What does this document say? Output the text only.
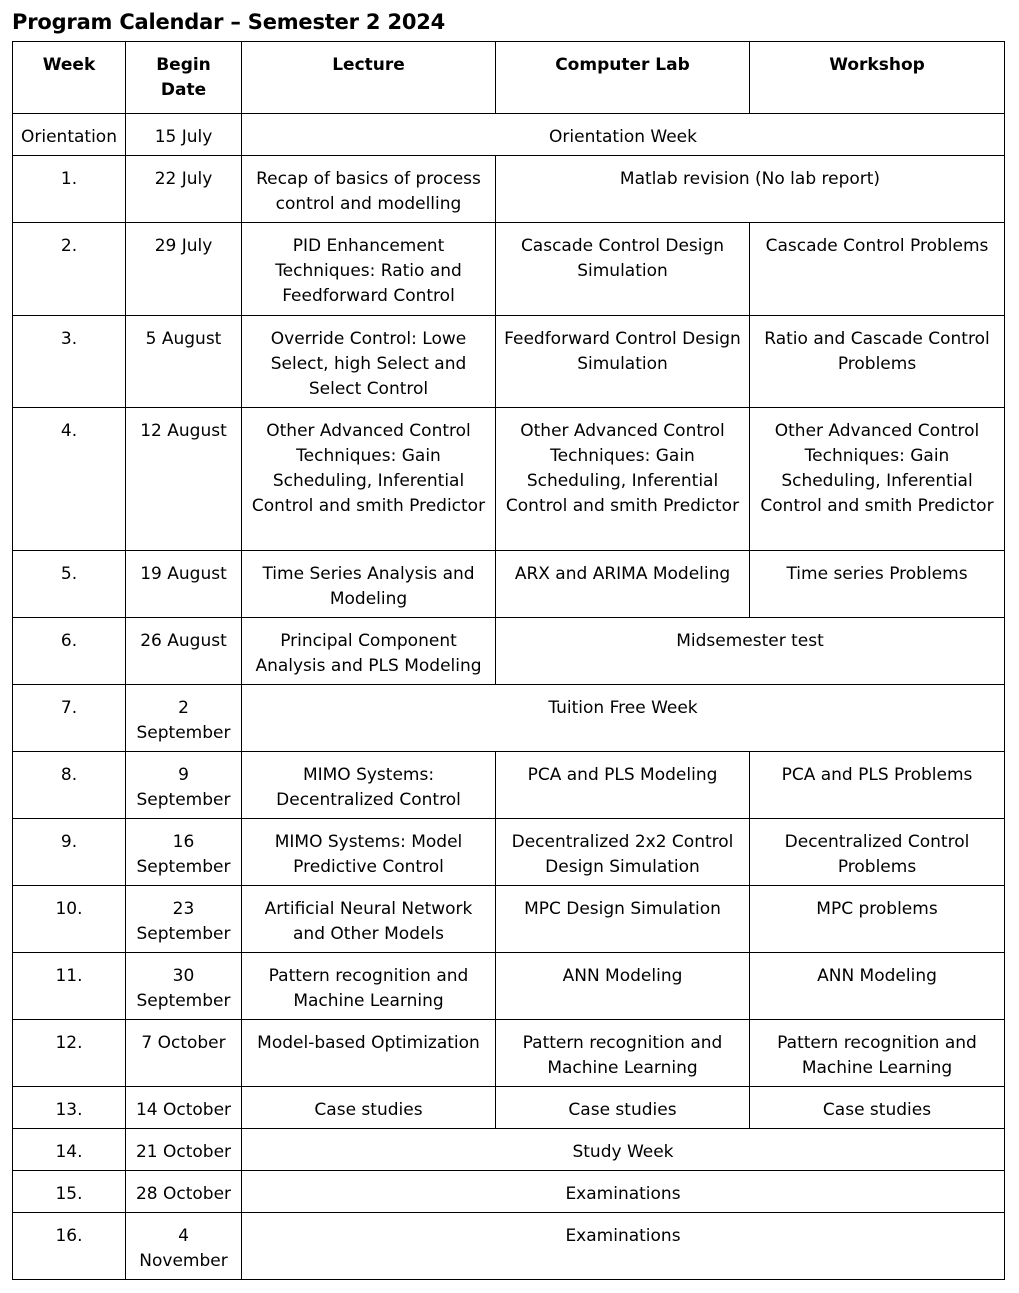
Program Calendar – Semester 2 2024
Week	Begin Date	Lecture	Computer Lab	Workshop
Orientation	15 July	Orientation Week		
1.	22 July	Recap of basics of process control and modelling	Matlab revision (No lab report)	
2.	29 July	PID Enhancement Techniques: Ratio and Feedforward Control	Cascade Control Design Simulation	Cascade Control Problems
3.	5 August	Override Control: Lowe Select, high Select and Select Control	Feedforward Control Design Simulation	Ratio and Cascade Control Problems
4.	12 August	Other Advanced Control Techniques: Gain Scheduling, Inferential Control and smith Predictor	Other Advanced Control Techniques: Gain Scheduling, Inferential Control and smith Predictor	Other Advanced Control Techniques: Gain Scheduling, Inferential Control and smith Predictor
5.	19 August	Time Series Analysis and Modeling	ARX and ARIMA Modeling	Time series Problems
6.	26 August	Principal Component Analysis and PLS Modeling	Midsemester test	
7.	2 September	Tuition Free Week		
8.	9 September	MIMO Systems: Decentralized Control	PCA and PLS Modeling	PCA and PLS Problems
9.	16 September	MIMO Systems: Model Predictive Control	Decentralized 2x2 Control Design Simulation	Decentralized Control Problems
10.	23 September	Artificial Neural Network and Other Models	MPC Design Simulation	MPC problems
11.	30 September	Pattern recognition and Machine Learning	ANN Modeling	ANN Modeling
12.	7 October	Model-based Optimization	Pattern recognition and Machine Learning	Pattern recognition and Machine Learning
13.	14 October	Case studies	Case studies	Case studies
14.	21 October	Study Week		
15.	28 October	Examinations		
16.	4 November	Examinations		
